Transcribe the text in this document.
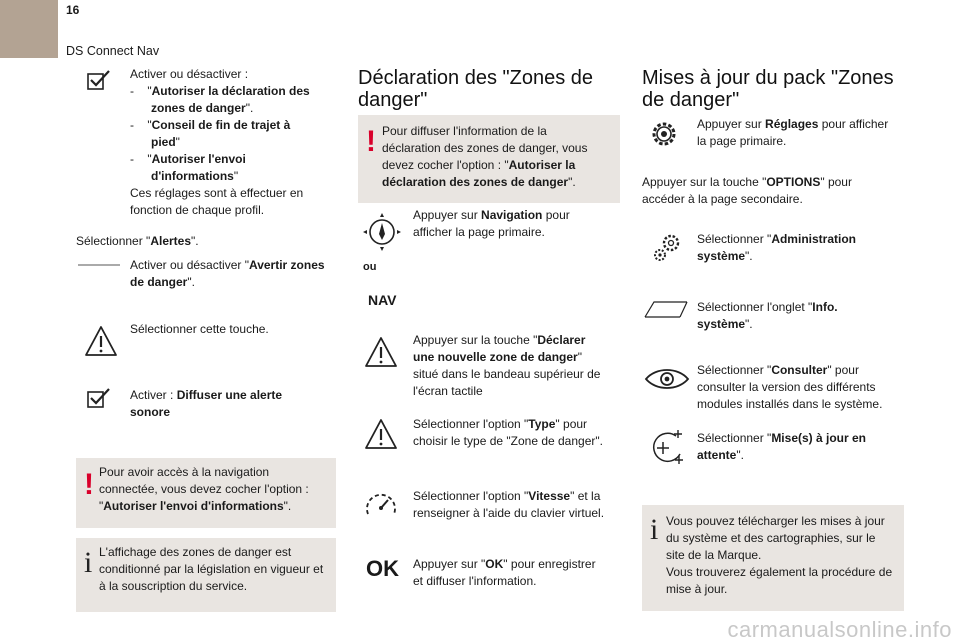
16
DS Connect Nav
Activer ou désactiver :
- "Autoriser la déclaration des
zones de danger".
- "Conseil de fin de trajet à
pied"
- "Autoriser l'envoi
d'informations"
Ces réglages sont à effectuer en
fonction de chaque profil.
Sélectionner "Alertes".
Activer ou désactiver "Avertir zones
de danger".
Sélectionner cette touche.
Activer : Diffuser une alerte
sonore
! Pour avoir accès à la navigation
connectée, vous devez cocher l'option :
"Autoriser l'envoi d'informations".
i L'affichage des zones de danger est
conditionné par la législation en vigueur et
à la souscription du service.
Déclaration des "Zones de
danger"
! Pour diffuser l'information de la
déclaration des zones de danger, vous
devez cocher l'option : "Autoriser la
déclaration des zones de danger".
ou
Appuyer sur Navigation pour
afficher la page primaire.
NAV
Appuyer sur la touche "Déclarer
une nouvelle zone de danger"
situé dans le bandeau supérieur de
l'écran tactile
Sélectionner l'option "Type" pour
choisir le type de "Zone de danger".
Sélectionner l'option "Vitesse" et la
renseigner à l'aide du clavier virtuel.
OK Appuyer sur "OK" pour enregistrer
et diffuser l'information.
Mises à jour du pack "Zones
de danger"
Appuyer sur Réglages pour afficher
la page primaire.
Appuyer sur la touche "OPTIONS" pour
accéder à la page secondaire.
Sélectionner "Administration
système".
Sélectionner l'onglet "Info.
système".
Sélectionner "Consulter" pour
consulter la version des différents
modules installés dans le système.
Sélectionner "Mise(s) à jour en
attente".
i Vous pouvez télécharger les mises à jour
du système et des cartographies, sur le
site de la Marque.
Vous trouverez également la procédure de
mise à jour.
carmanualsonline.info
